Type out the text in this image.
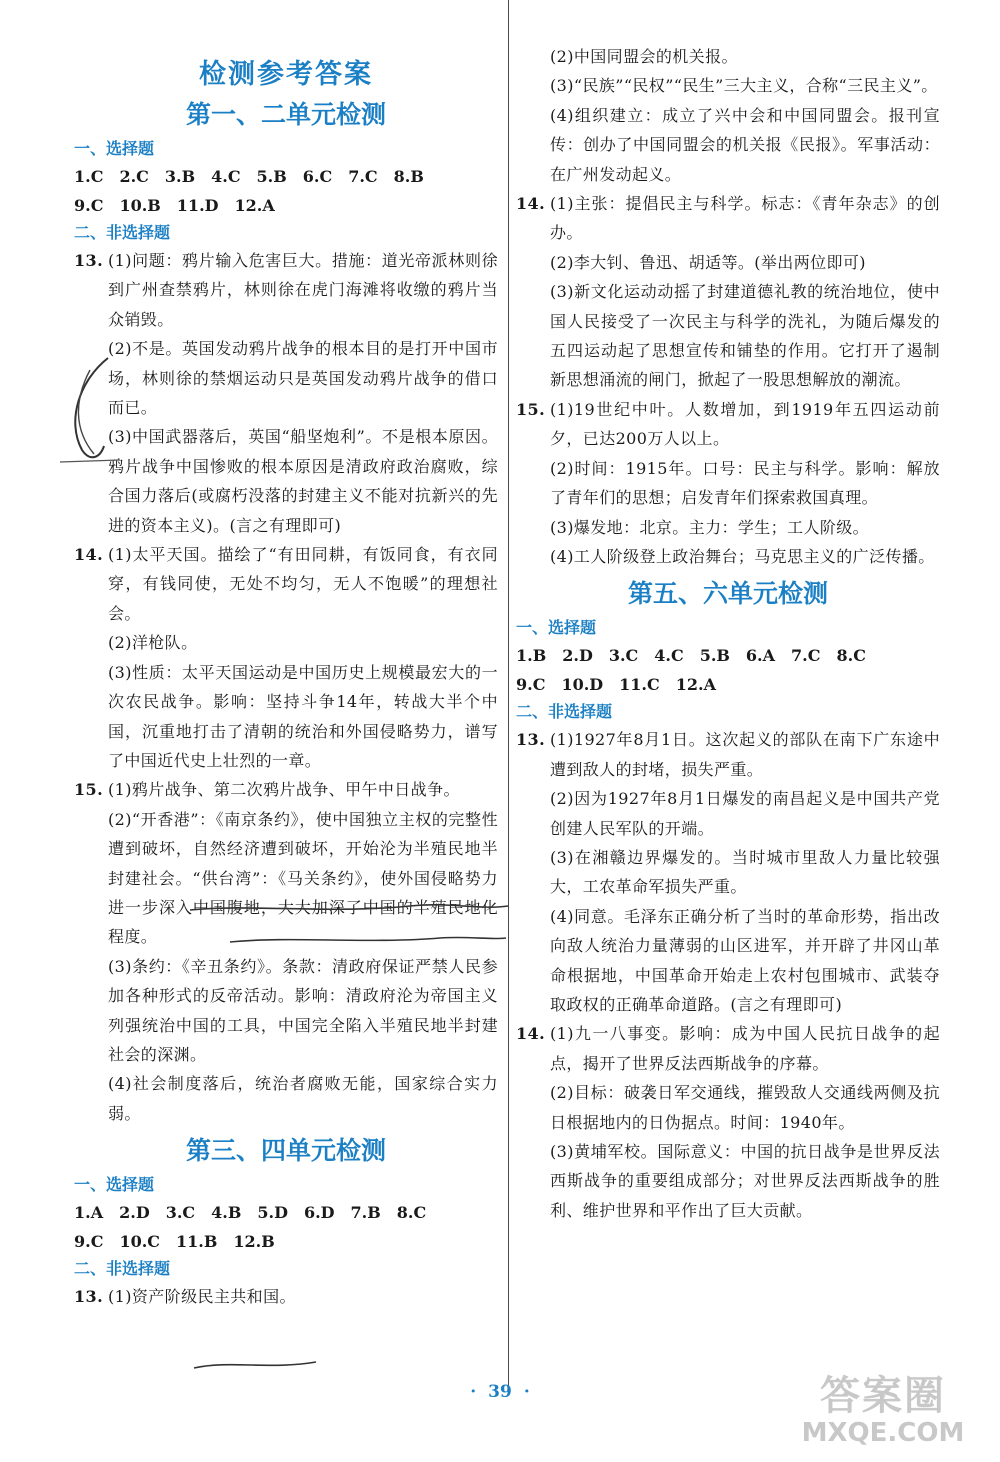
检测参考答案
第一、二单元检测
一、选择题
1.C 2.C 3.B 4.C 5.B 6.C 7.C 8.B
9.C 10.B 11.D 12.A
二、非选择题
13. (1)问题：鸦片输入危害巨大。措施：道光帝派林则徐到广州查禁鸦片，林则徐在虎门海滩将收缴的鸦片当众销毁。

(2)不是。英国发动鸦片战争的根本目的是打开中国市场，林则徐的禁烟运动只是英国发动鸦片战争的借口而已。

(3)中国武器落后，英国“船坚炮利”。不是根本原因。鸦片战争中国惨败的根本原因是清政府政治腐败，综合国力落后(或腐朽没落的封建主义不能对抗新兴的先进的资本主义)。(言之有理即可)

14. (1)太平天国。描绘了“有田同耕，有饭同食，有衣同穿，有钱同使，无处不均匀，无人不饱暖”的理想社会。

(2)洋枪队。

(3)性质：太平天国运动是中国历史上规模最宏大的一次农民战争。影响：坚持斗争14年，转战大半个中国，沉重地打击了清朝的统治和外国侵略势力，谱写了中国近代史上壮烈的一章。

15. (1)鸦片战争、第二次鸦片战争、甲午中日战争。

(2)“开香港”：《南京条约》，使中国独立主权的完整性遭到破坏，自然经济遭到破坏，开始沦为半殖民地半封建社会。“供台湾”：《马关条约》，使外国侵略势力进一步深入中国腹地，大大加深了中国的半殖民地化程度。

(3)条约：《辛丑条约》。条款：清政府保证严禁人民参加各种形式的反帝活动。影响：清政府沦为帝国主义列强统治中国的工具，中国完全陷入半殖民地半封建社会的深渊。

(4)社会制度落后，统治者腐败无能，国家综合实力弱。

第三、四单元检测
一、选择题
1.A 2.D 3.C 4.B 5.D 6.D 7.B 8.C
9.C 10.C 11.B 12.B
二、非选择题
13. (1)资产阶级民主共和国。

(2)中国同盟会的机关报。

(3)“民族”“民权”“民生”三大主义，合称“三民主义”。

(4)组织建立：成立了兴中会和中国同盟会。报刊宣传：创办了中国同盟会的机关报《民报》。军事活动：在广州发动起义。

14. (1)主张：提倡民主与科学。标志：《青年杂志》的创办。

(2)李大钊、鲁迅、胡适等。(举出两位即可)

(3)新文化运动动摇了封建道德礼教的统治地位，使中国人民接受了一次民主与科学的洗礼，为随后爆发的五四运动起了思想宣传和铺垫的作用。它打开了遏制新思想涌流的闸门，掀起了一股思想解放的潮流。

15. (1)19世纪中叶。人数增加，到1919年五四运动前夕，已达200万人以上。

(2)时间：1915年。口号：民主与科学。影响：解放了青年们的思想；启发青年们探索救国真理。

(3)爆发地：北京。主力：学生；工人阶级。

(4)工人阶级登上政治舞台；马克思主义的广泛传播。

第五、六单元检测
一、选择题
1.B 2.D 3.C 4.C 5.B 6.A 7.C 8.C
9.C 10.D 11.C 12.A
二、非选择题
13. (1)1927年8月1日。这次起义的部队在南下广东途中遭到敌人的封堵，损失严重。

(2)因为1927年8月1日爆发的南昌起义是中国共产党创建人民军队的开端。

(3)在湘赣边界爆发的。当时城市里敌人力量比较强大，工农革命军损失严重。

(4)同意。毛泽东正确分析了当时的革命形势，指出改向敌人统治力量薄弱的山区进军，并开辟了井冈山革命根据地，中国革命开始走上农村包围城市、武装夺取政权的正确革命道路。(言之有理即可)

14. (1)九一八事变。影响：成为中国人民抗日战争的起点，揭开了世界反法西斯战争的序幕。

(2)目标：破袭日军交通线，摧毁敌人交通线两侧及抗日根据地内的日伪据点。时间：1940年。

(3)黄埔军校。国际意义：中国的抗日战争是世界反法西斯战争的重要组成部分；对世界反法西斯战争的胜利、维护世界和平作出了巨大贡献。

· 39 ·	答案圈
MXQE.COM
